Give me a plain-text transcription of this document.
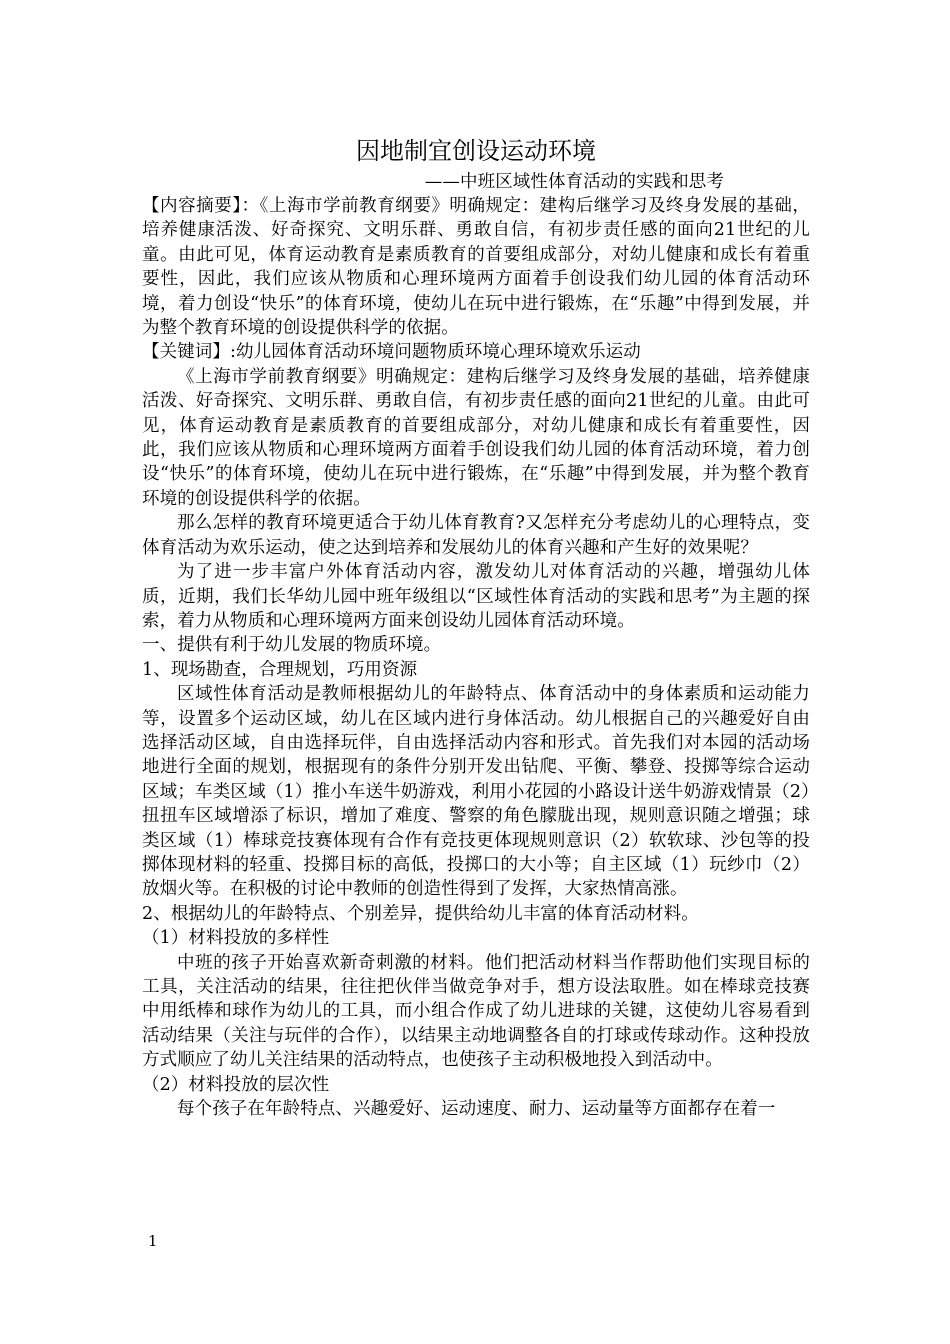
因地制宜创设运动环境

——中班区域性体育活动的实践和思考

【内容摘要】：《上海市学前教育纲要》明确规定：建构后继学习及终身发展的基础，培养健康活泼、好奇探究、文明乐群、勇敢自信，有初步责任感的面向21世纪的儿童。由此可见，体育运动教育是素质教育的首要组成部分，对幼儿健康和成长有着重要性，因此，我们应该从物质和心理环境两方面着手创设我们幼儿园的体育活动环境，着力创设“快乐”的体育环境，使幼儿在玩中进行锻炼，在“乐趣”中得到发展，并为整个教育环境的创设提供科学的依据。

【关键词】:幼儿园体育活动环境问题物质环境心理环境欢乐运动

《上海市学前教育纲要》明确规定：建构后继学习及终身发展的基础，培养健康活泼、好奇探究、文明乐群、勇敢自信，有初步责任感的面向21世纪的儿童。由此可见，体育运动教育是素质教育的首要组成部分，对幼儿健康和成长有着重要性，因此，我们应该从物质和心理环境两方面着手创设我们幼儿园的体育活动环境，着力创设“快乐”的体育环境，使幼儿在玩中进行锻炼，在“乐趣”中得到发展，并为整个教育环境的创设提供科学的依据。

那么怎样的教育环境更适合于幼儿体育教育?又怎样充分考虑幼儿的心理特点，变体育活动为欢乐运动，使之达到培养和发展幼儿的体育兴趣和产生好的效果呢？

为了进一步丰富户外体育活动内容，激发幼儿对体育活动的兴趣，增强幼儿体质，近期，我们长华幼儿园中班年级组以“区域性体育活动的实践和思考”为主题的探索，着力从物质和心理环境两方面来创设幼儿园体育活动环境。

一、提供有利于幼儿发展的物质环境。

1、现场勘查，合理规划，巧用资源

区域性体育活动是教师根据幼儿的年龄特点、体育活动中的身体素质和运动能力等，设置多个运动区域，幼儿在区域内进行身体活动。幼儿根据自己的兴趣爱好自由选择活动区域，自由选择玩伴，自由选择活动内容和形式。首先我们对本园的活动场地进行全面的规划，根据现有的条件分别开发出钻爬、平衡、攀登、投掷等综合运动区域；车类区域（1）推小车送牛奶游戏，利用小花园的小路设计送牛奶游戏情景（2）扭扭车区域增添了标识，增加了难度、警察的角色朦胧出现，规则意识随之增强；球类区域（1）棒球竞技赛体现有合作有竞技更体现规则意识（2）软软球、沙包等的投掷体现材料的轻重、投掷目标的高低，投掷口的大小等；自主区域（1）玩纱巾（2）放烟火等。在积极的讨论中教师的创造性得到了发挥，大家热情高涨。

2、根据幼儿的年龄特点、个别差异，提供给幼儿丰富的体育活动材料。

（1）材料投放的多样性

中班的孩子开始喜欢新奇刺激的材料。他们把活动材料当作帮助他们实现目标的工具，关注活动的结果，往往把伙伴当做竞争对手，想方设法取胜。如在棒球竞技赛中用纸棒和球作为幼儿的工具，而小组合作成了幼儿进球的关键，这使幼儿容易看到活动结果（关注与玩伴的合作），以结果主动地调整各自的打球或传球动作。这种投放方式顺应了幼儿关注结果的活动特点，也使孩子主动积极地投入到活动中。

（2）材料投放的层次性

每个孩子在年龄特点、兴趣爱好、运动速度、耐力、运动量等方面都存在着一

1
